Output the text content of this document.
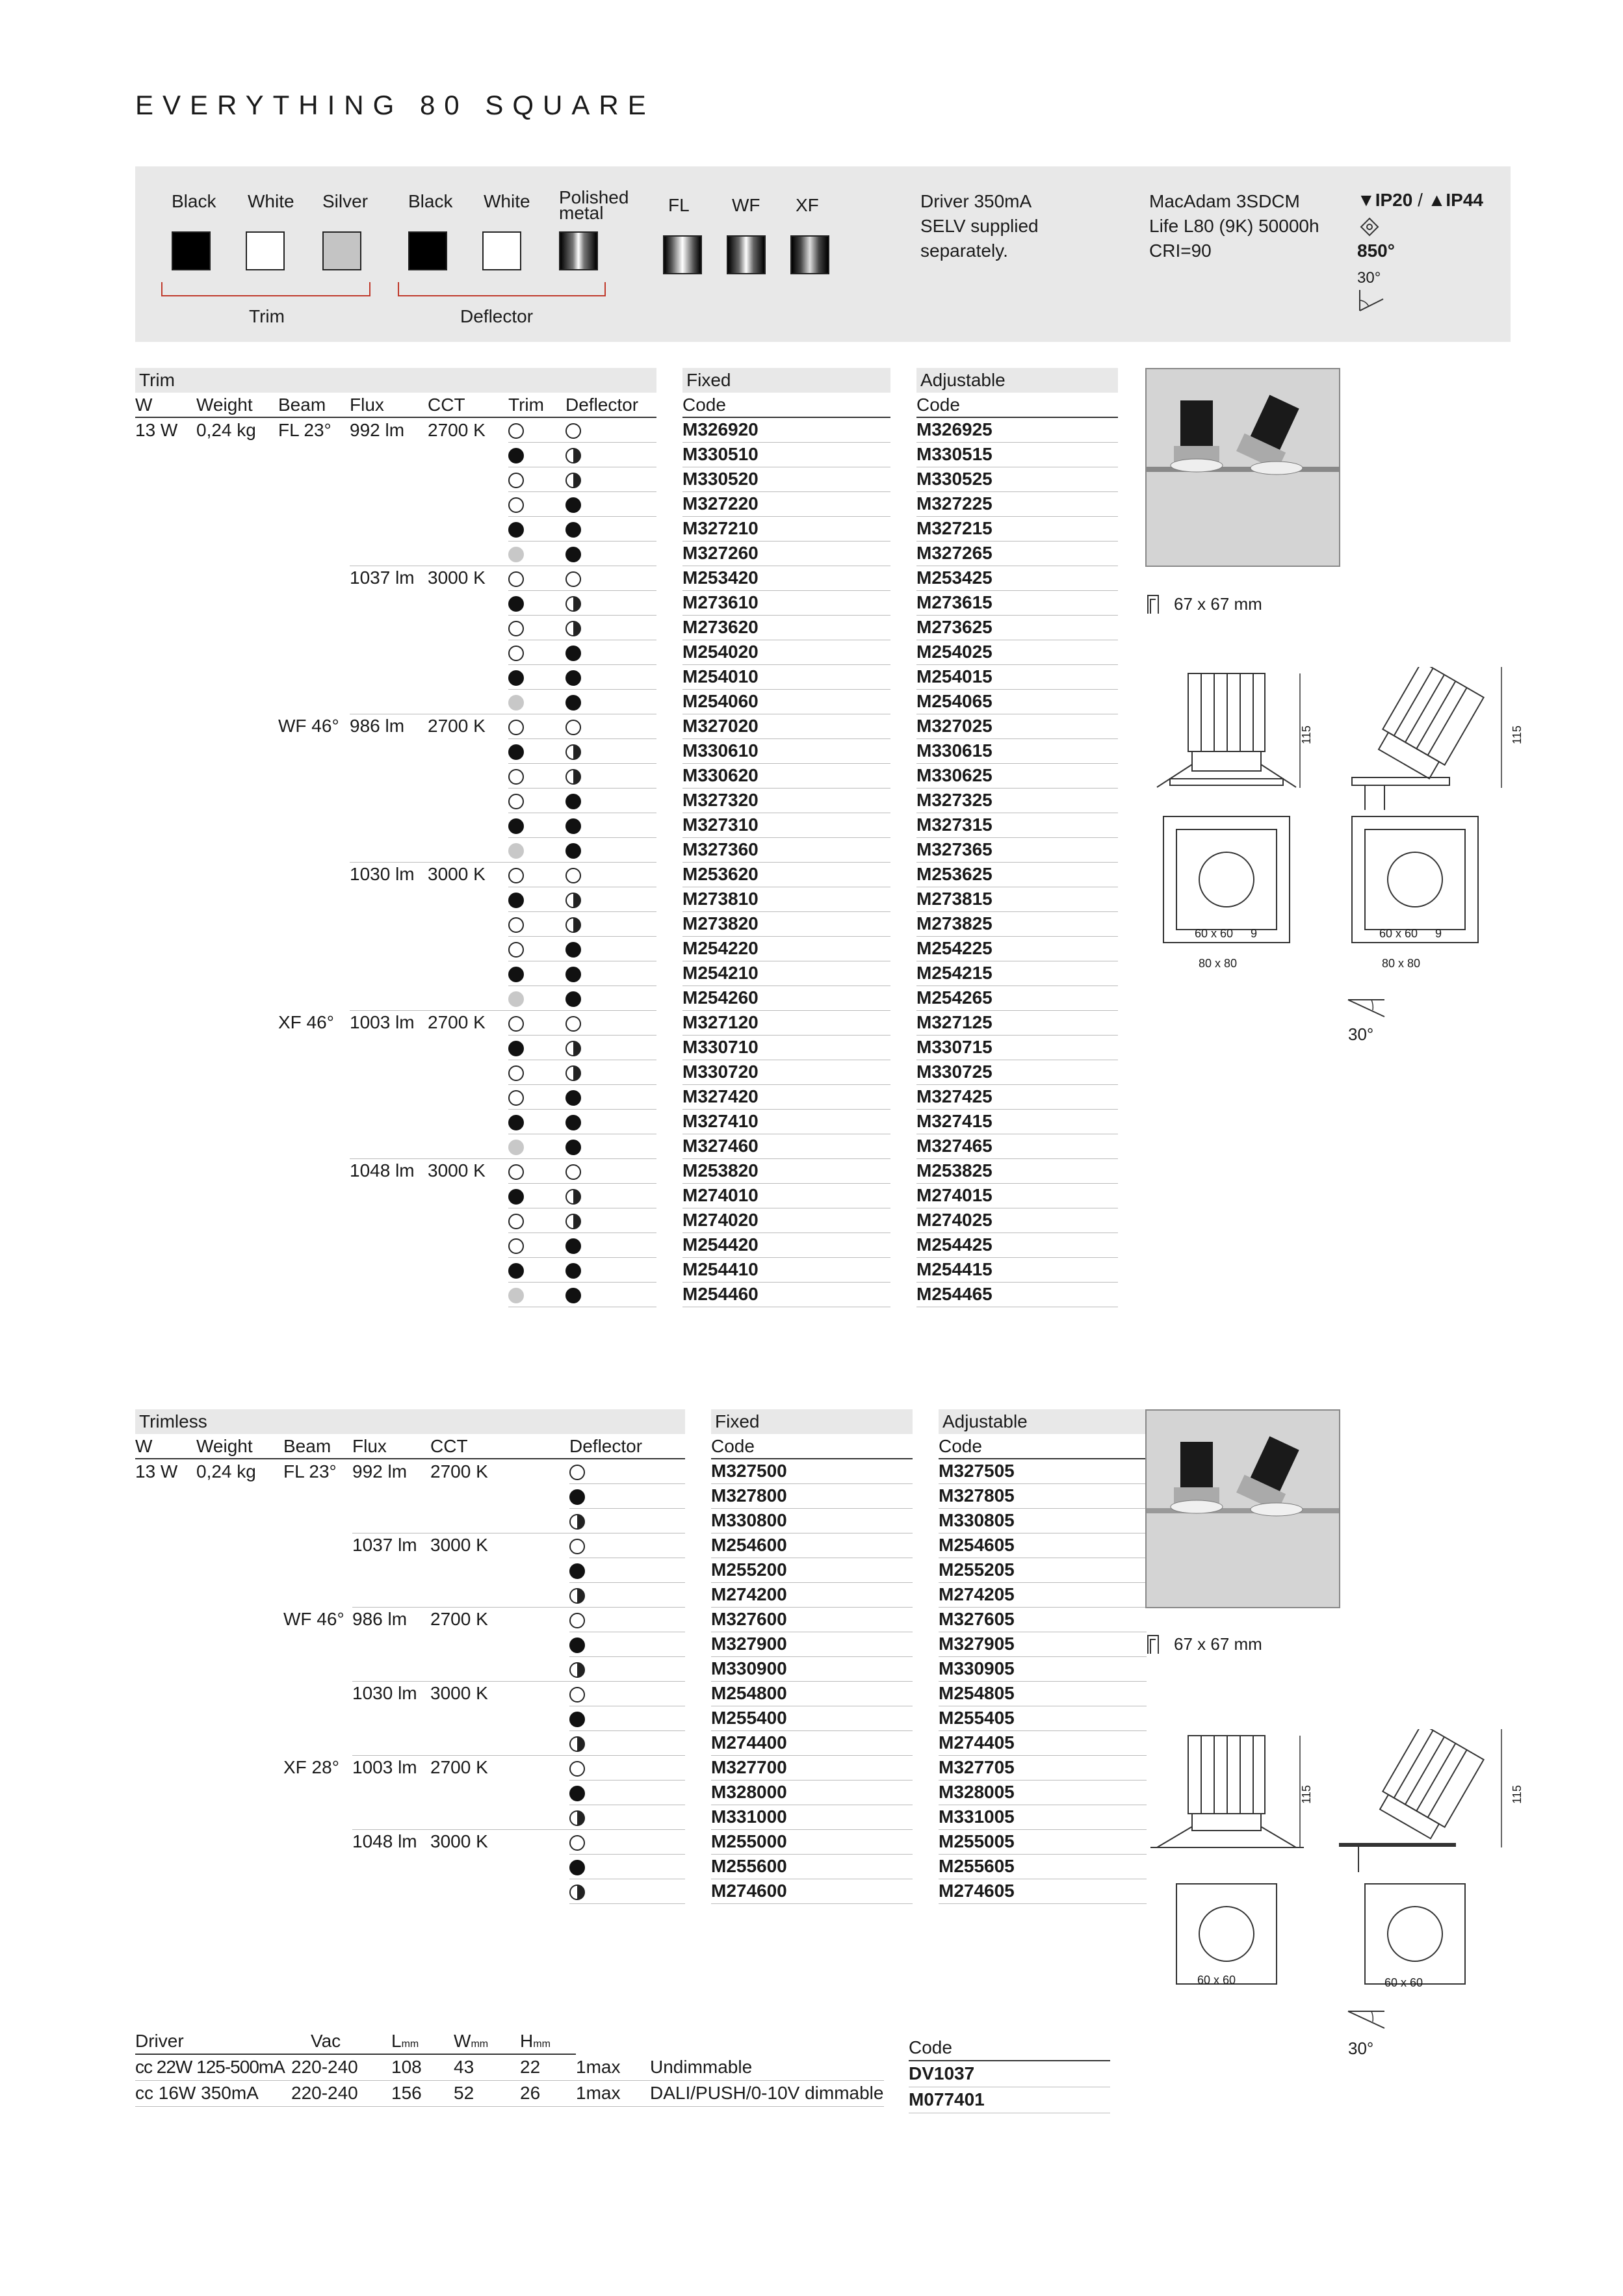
EVERYTHING 80 SQUARE
Black White Silver
Trim
Black White Polished metal
Deflector
FL WF XF	Driver 350mA
SELV supplied
separately.
MacAdam 3SDCM
Life L80 (9K) 50000h
CRI=90
▼IP20 / ▲IP44
850°
30°
Trim								Fixed		Adjustable
W	Weight	Beam	Flux	CCT	Trim	Deflector		Code		Code
13 W	0,24 kg	FL 23°	992 lm	2700 K				M326920		M326925
								M330510		M330515
								M330520		M330525
								M327220		M327225
								M327210		M327215
								M327260		M327265
			1037 lm	3000 K				M253420		M253425
								M273610		M273615
								M273620		M273625
								M254020		M254025
								M254010		M254015
								M254060		M254065
		WF 46°	986 lm	2700 K				M327020		M327025
								M330610		M330615
								M330620		M330625
								M327320		M327325
								M327310		M327315
								M327360		M327365
			1030 lm	3000 K				M253620		M253625
								M273810		M273815
								M273820		M273825
								M254220		M254225
								M254210		M254215
								M254260		M254265
		XF 46°	1003 lm	2700 K				M327120		M327125
								M330710		M330715
								M330720		M330725
								M327420		M327425
								M327410		M327415
								M327460		M327465
			1048 lm	3000 K				M253820		M253825
								M274010		M274015
								M274020		M274025
								M254420		M254425
								M254410		M254415
								M254460		M254465
Trimless							Fixed		Adjustable
W	Weight	Beam	Flux	CCT	Deflector		Code		Code
13 W	0,24 kg	FL 23°	992 lm	2700 K			M327500		M327505
							M327800		M327805
							M330800		M330805
			1037 lm	3000 K			M254600		M254605
							M255200		M255205
							M274200		M274205
		WF 46°	986 lm	2700 K			M327600		M327605
							M327900		M327905
							M330900		M330905
			1030 lm	3000 K			M254800		M254805
							M255400		M255405
							M274400		M274405
		XF 28°	1003 lm	2700 K			M327700		M327705
							M328000		M328005
							M331000		M331005
			1048 lm	3000 K			M255000		M255005
							M255600		M255605
							M274600		M274605
67 x 67 mm
115
60 x 60 9
80 x 80
115
60 x 60 9
80 x 80
30°
67 x 67 mm
115
60 x 60
115
60 x 60
30°
Driver	Vac	Lmm	Wmm	Hmm		
cc 22W 125-500mA	220-240	108	43	22	1max	Undimmable
cc 16W 350mA	220-240	156	52	26	1max	DALI/PUSH/0-10V dimmable
Code
DV1037
M077401
